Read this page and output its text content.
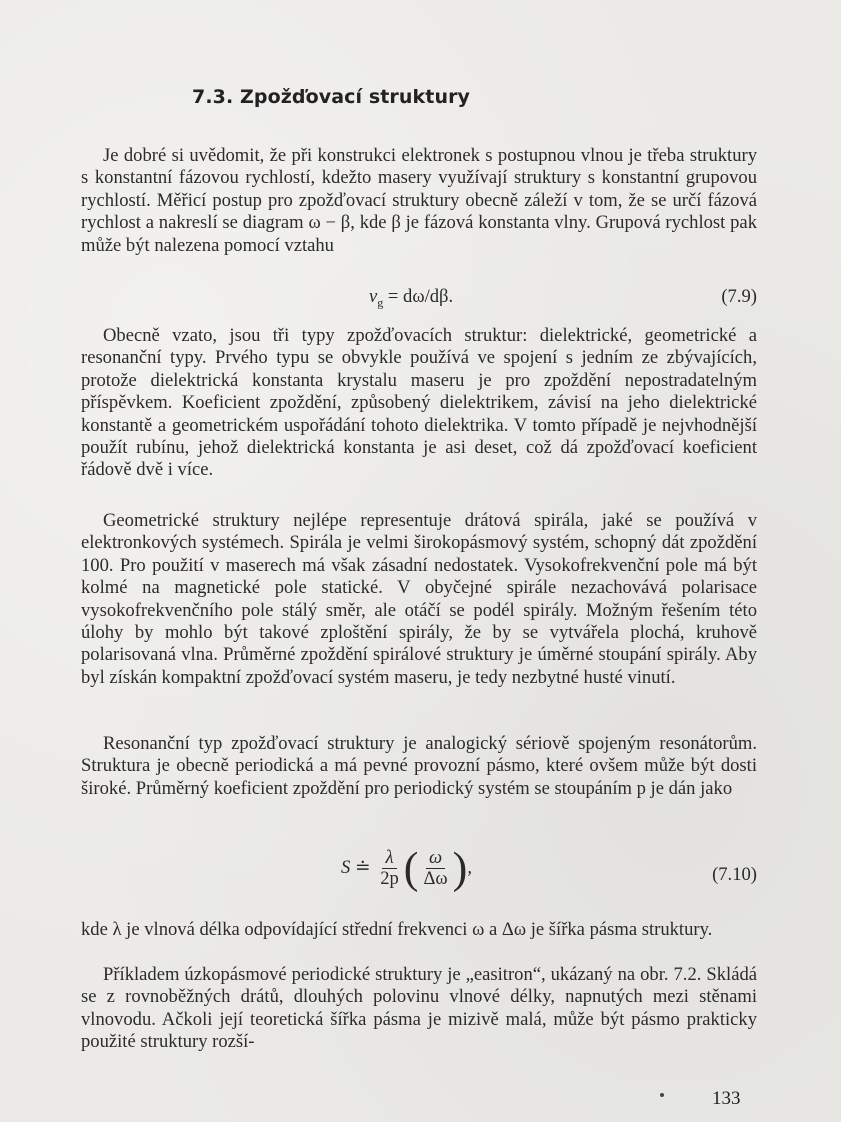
7.3. Zpožďovací struktury

Je dobré si uvědomit, že při konstrukci elektronek s postupnou vlnou je třeba struktury s konstantní fázovou rychlostí, kdežto masery využívají struktury s konstantní grupovou rychlostí. Měřicí postup pro zpožďovací struktury obecně záleží v tom, že se určí fázová rychlost a nakreslí se diagram ω − β, kde β je fázová konstanta vlny. Grupová rychlost pak může být nalezena pomocí vztahu

$v_g = d\omega/d\beta$.	(7.9)

Obecně vzato, jsou tři typy zpožďovacích struktur: dielektrické, geometrické a resonanční typy. Prvého typu se obvykle používá ve spojení s jedním ze zbývajících, protože dielektrická konstanta krystalu maseru je pro zpoždění nepostradatelným příspěvkem. Koeficient zpoždění, způsobený dielektrikem, závisí na jeho dielektrické konstantě a geometrickém uspořádání tohoto dielektrika. V tomto případě je nejvhodnější použít rubínu, jehož dielektrická konstanta je asi deset, což dá zpožďovací koeficient řádově dvě i více.

Geometrické struktury nejlépe representuje drátová spirála, jaké se používá v elektronkových systémech. Spirála je velmi širokopásmový systém, schopný dát zpoždění 100. Pro použití v maserech má však zásadní nedostatek. Vysokofrekvenční pole má být kolmé na magnetické pole statické. V obyčejné spirále nezachovává polarisace vysokofrekvenčního pole stálý směr, ale otáčí se podél spirály. Možným řešením této úlohy by mohlo být takové zploštění spirály, že by se vytvářela plochá, kruhově polarisovaná vlna. Průměrné zpoždění spirálové struktury je úměrné stoupání spirály. Aby byl získán kompaktní zpožďovací systém maseru, je tedy nezbytné husté vinutí.

Resonanční typ zpožďovací struktury je analogický sériově spojeným resonátorům. Struktura je obecně periodická a má pevné provozní pásmo, které ovšem může být dosti široké. Průměrný koeficient zpoždění pro periodický systém se stoupáním p je dán jako

S ≐ $\frac{\lambda}{2p}$ ( $\frac{\omega}{\Delta\omega}$ ),	(7.10)

kde λ je vlnová délka odpovídající střední frekvenci ω a Δω je šířka pásma struktury.

Příkladem úzkopásmové periodické struktury je „easitron“, ukázaný na obr. 7.2. Skládá se z rovnoběžných drátů, dlouhých polovinu vlnové délky, napnutých mezi stěnami vlnovodu. Ačkoli její teoretická šířka pásma je mizivě malá, může být pásmo prakticky použité struktury rozší-

133
